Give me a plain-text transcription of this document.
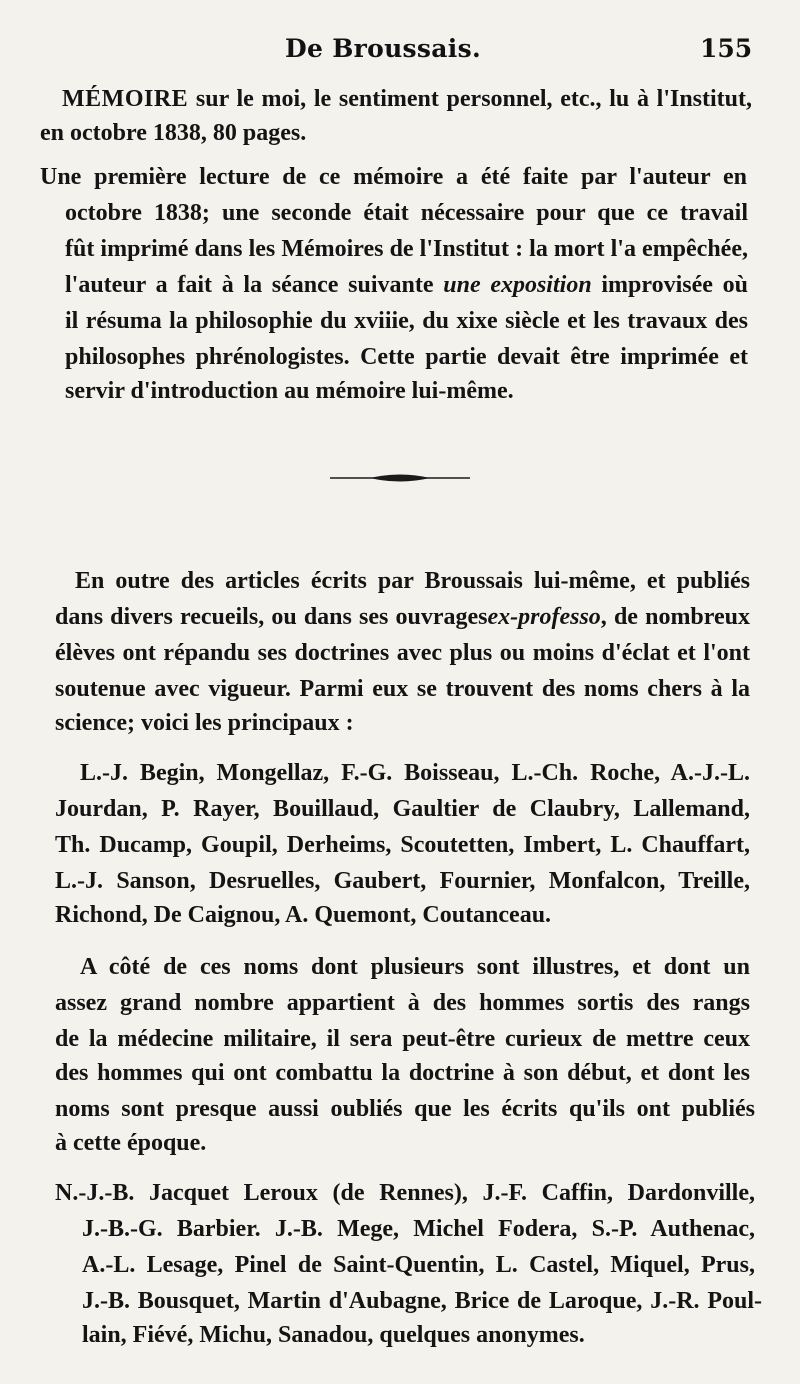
De Broussais.	155
MÉMOIRE sur le moi, le sentiment personnel, etc., lu à l'Institut,
en octobre 1838, 80 pages.
Une première lecture de ce mémoire a été faite par l'auteur en
octobre 1838; une seconde était nécessaire pour que ce travail
fût imprimé dans les Mémoires de l'Institut : la mort l'a empêchée,
l'auteur a fait à la séance suivante une exposition improvisée où
il résuma la philosophie du xviiie, du xixe siècle et les travaux des
philosophes phrénologistes. Cette partie devait être imprimée et
servir d'introduction au mémoire lui-même.
En outre des articles écrits par Broussais lui-même, et publiés
dans divers recueils, ou dans ses ouvragesex-professo, de nombreux
élèves ont répandu ses doctrines avec plus ou moins d'éclat et l'ont
soutenue avec vigueur. Parmi eux se trouvent des noms chers à la
science; voici les principaux :
L.-J. Begin, Mongellaz, F.-G. Boisseau, L.-Ch. Roche, A.-J.-L.
Jourdan, P. Rayer, Bouillaud, Gaultier de Claubry, Lallemand,
Th. Ducamp, Goupil, Derheims, Scoutetten, Imbert, L. Chauffart,
L.-J. Sanson, Desruelles, Gaubert, Fournier, Monfalcon, Treille,
Richond, De Caignou, A. Quemont, Coutanceau.
A côté de ces noms dont plusieurs sont illustres, et dont un
assez grand nombre appartient à des hommes sortis des rangs
de la médecine militaire, il sera peut-être curieux de mettre ceux
des hommes qui ont combattu la doctrine à son début, et dont les
noms sont presque aussi oubliés que les écrits qu'ils ont publiés
à cette époque.
N.-J.-B. Jacquet Leroux (de Rennes), J.-F. Caffin, Dardonville,
J.-B.-G. Barbier. J.-B. Mege, Michel Fodera, S.-P. Authenac,
A.-L. Lesage, Pinel de Saint-Quentin, L. Castel, Miquel, Prus,
J.-B. Bousquet, Martin d'Aubagne, Brice de Laroque, J.-R. Poul-
lain, Fiévé, Michu, Sanadou, quelques anonymes.
